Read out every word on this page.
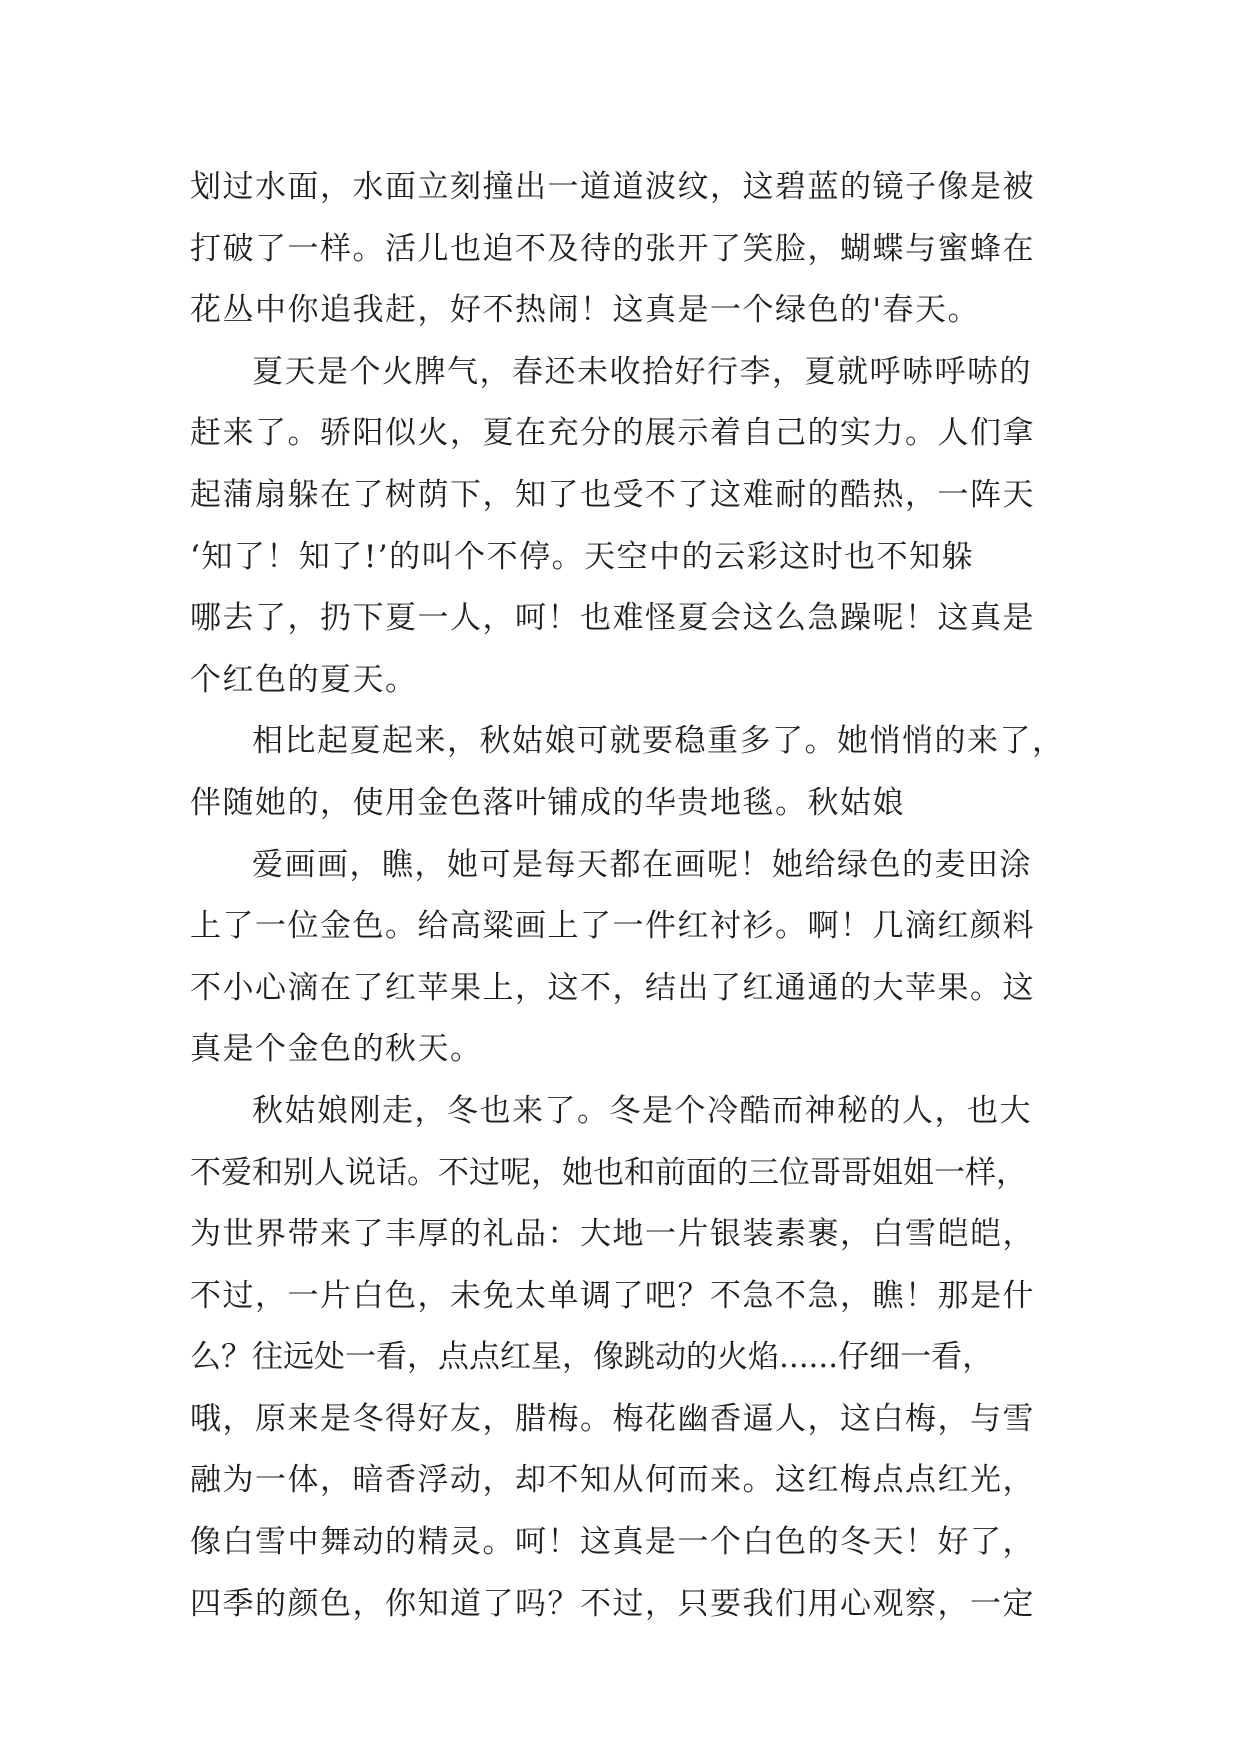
划过水面，水面立刻撞出一道道波纹，这碧蓝的镜子像是被
打破了一样。活儿也迫不及待的张开了笑脸，蝴蝶与蜜蜂在
花丛中你追我赶，好不热闹！这真是一个绿色的'春天。
夏天是个火脾气，春还未收拾好行李，夏就呼哧呼哧的
赶来了。骄阳似火，夏在充分的展示着自己的实力。人们拿
起蒲扇躲在了树荫下，知了也受不了这难耐的酷热，一阵天
‘知了！知了!’的叫个不停。天空中的云彩这时也不知躲
哪去了，扔下夏一人，呵！也难怪夏会这么急躁呢！这真是
个红色的夏天。
相比起夏起来，秋姑娘可就要稳重多了。她悄悄的来了，
伴随她的，使用金色落叶铺成的华贵地毯。秋姑娘
爱画画，瞧，她可是每天都在画呢！她给绿色的麦田涂
上了一位金色。给高粱画上了一件红衬衫。啊！几滴红颜料
不小心滴在了红苹果上，这不，结出了红通通的大苹果。这
真是个金色的秋天。
秋姑娘刚走，冬也来了。冬是个冷酷而神秘的人，也大
不爱和别人说话。不过呢，她也和前面的三位哥哥姐姐一样，
为世界带来了丰厚的礼品：大地一片银装素裹，白雪皑皑，
不过，一片白色，未免太单调了吧？不急不急，瞧！那是什
么？往远处一看，点点红星，像跳动的火焰......仔细一看，
哦，原来是冬得好友，腊梅。梅花幽香逼人，这白梅，与雪
融为一体，暗香浮动，却不知从何而来。这红梅点点红光，
像白雪中舞动的精灵。呵！这真是一个白色的冬天！好了，
四季的颜色，你知道了吗？不过，只要我们用心观察，一定
